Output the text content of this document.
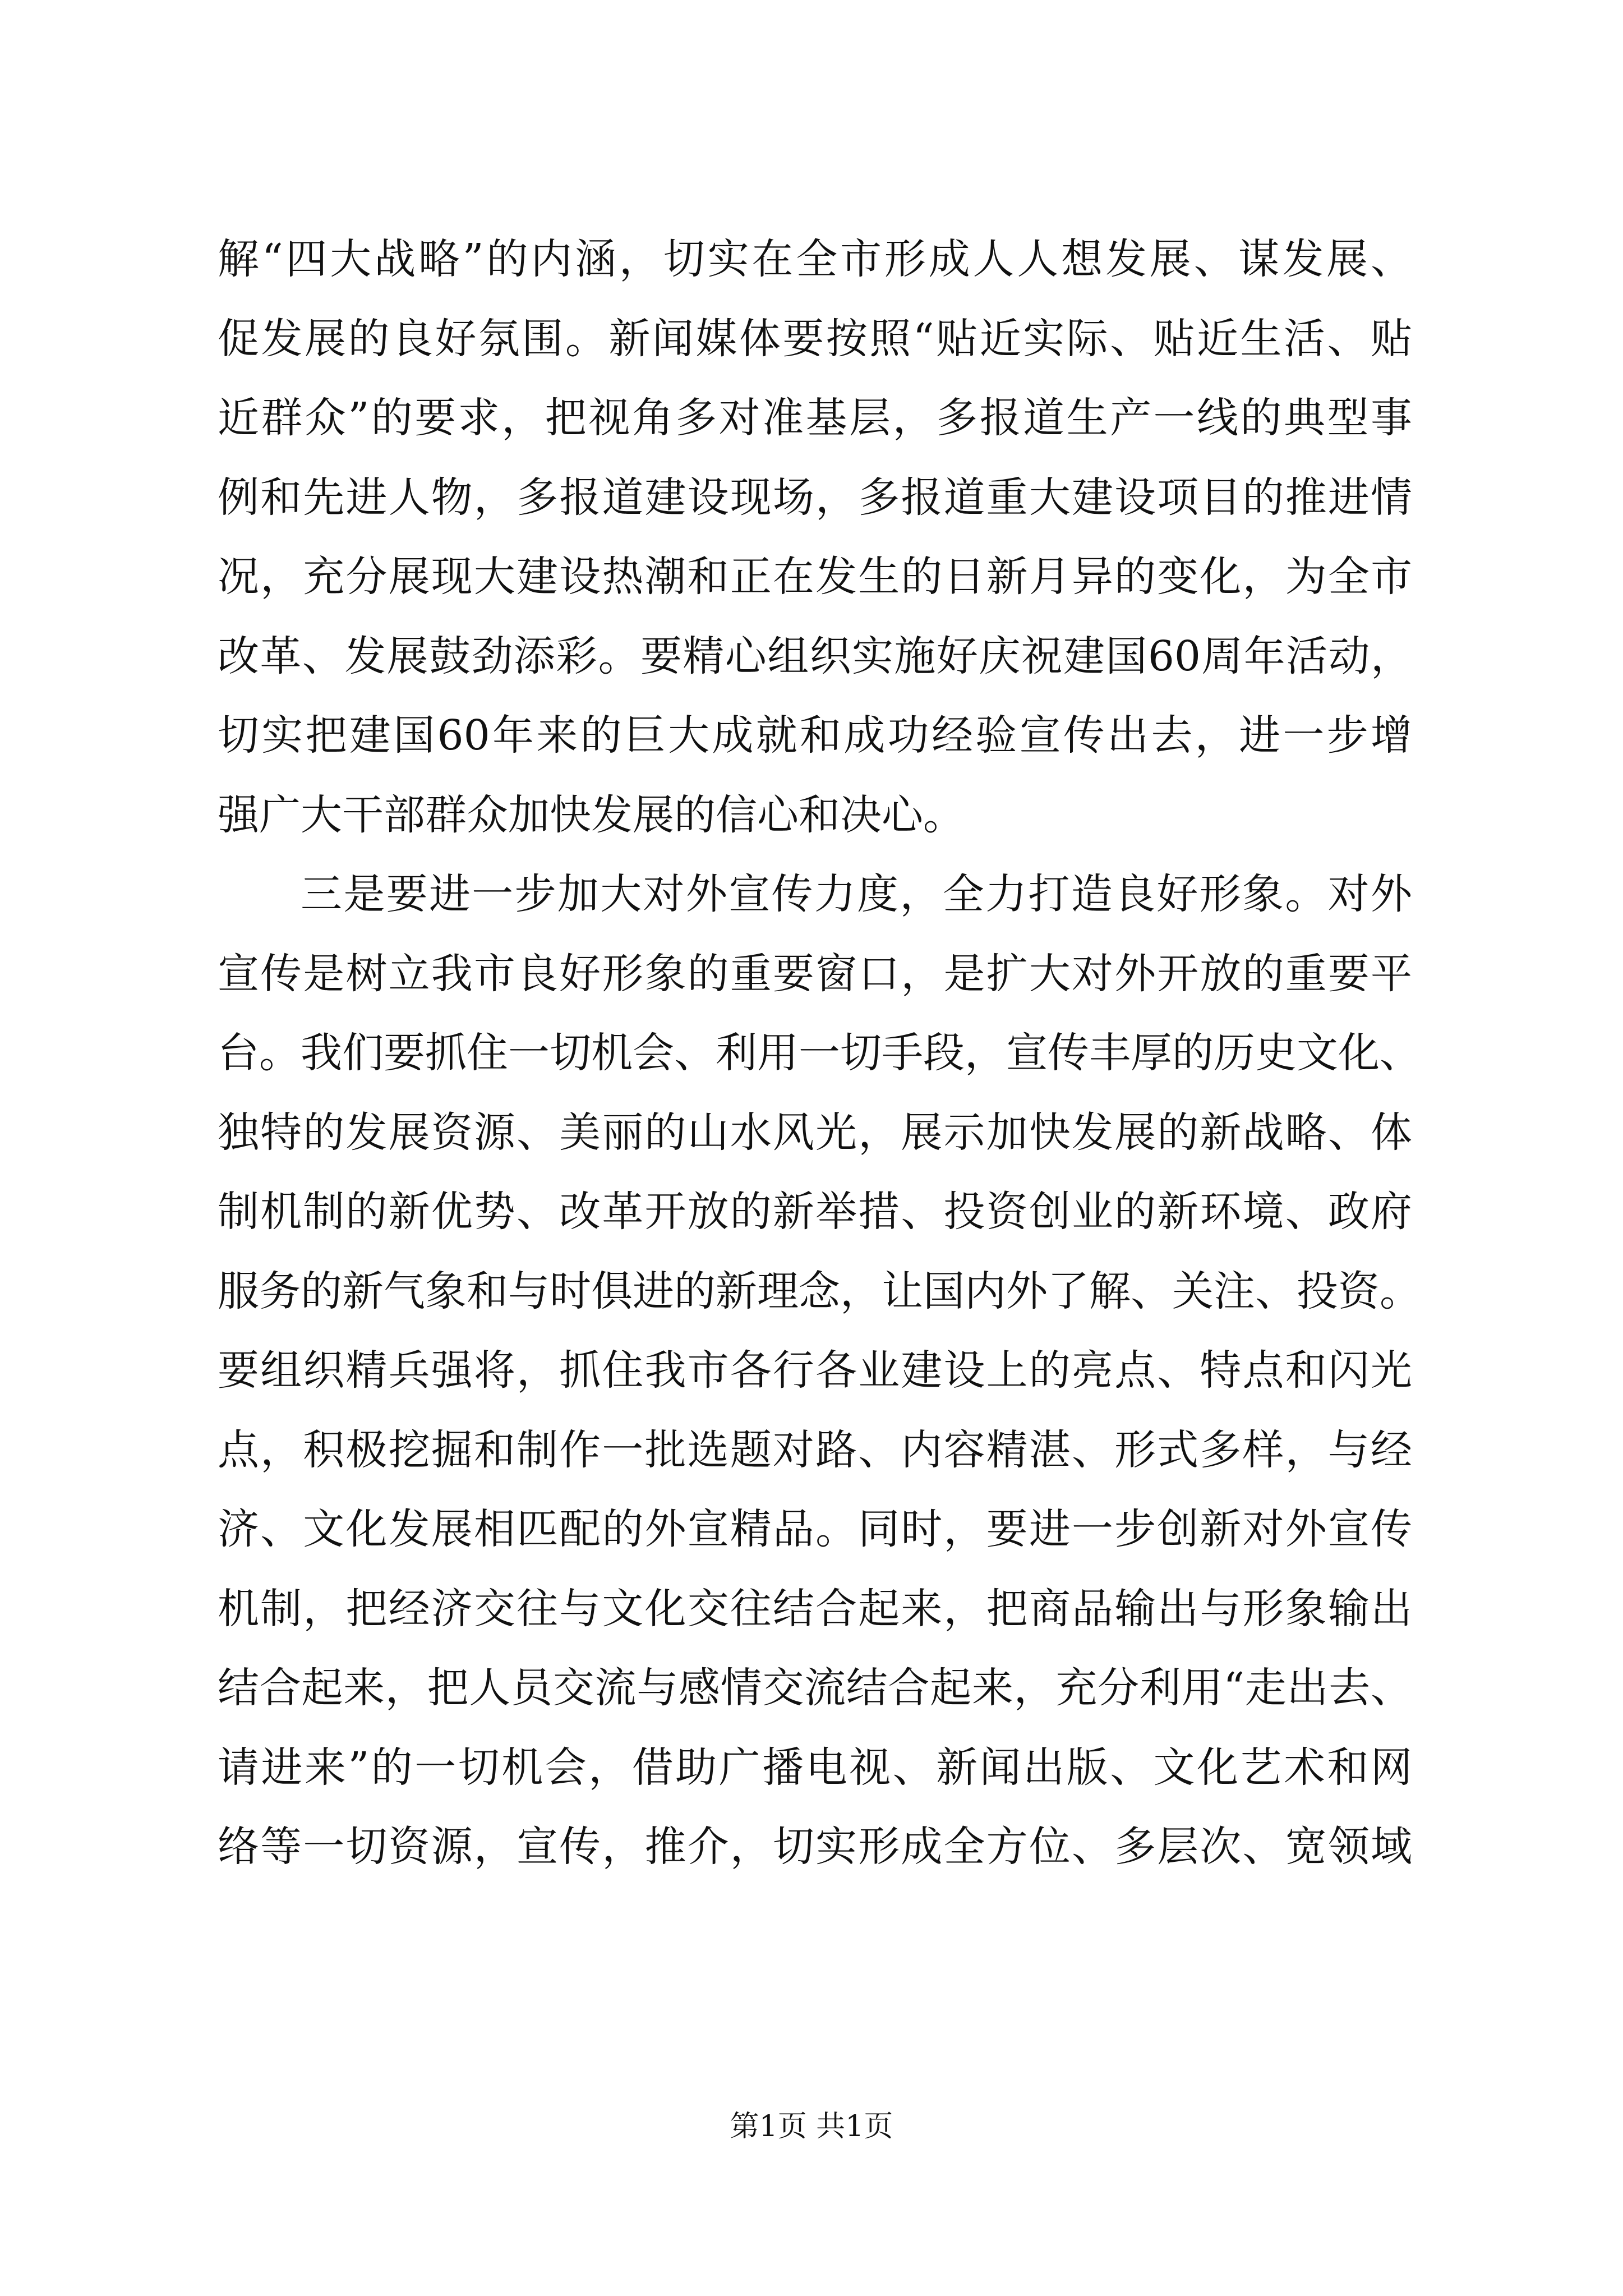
解“四大战略”的内涵，切实在全市形成人人想发展、谋发展、
促发展的良好氛围。新闻媒体要按照“贴近实际、贴近生活、贴
近群众”的要求，把视角多对准基层，多报道生产一线的典型事
例和先进人物，多报道建设现场，多报道重大建设项目的推进情
况，充分展现大建设热潮和正在发生的日新月异的变化，为全市
改革、发展鼓劲添彩。要精心组织实施好庆祝建国60周年活动，
切实把建国60年来的巨大成就和成功经验宣传出去，进一步增
强广大干部群众加快发展的信心和决心。
三是要进一步加大对外宣传力度，全力打造良好形象。对外
宣传是树立我市良好形象的重要窗口，是扩大对外开放的重要平
台。我们要抓住一切机会、利用一切手段，宣传丰厚的历史文化、
独特的发展资源、美丽的山水风光，展示加快发展的新战略、体
制机制的新优势、改革开放的新举措、投资创业的新环境、政府
服务的新气象和与时俱进的新理念，让国内外了解、关注、投资。
要组织精兵强将，抓住我市各行各业建设上的亮点、特点和闪光
点，积极挖掘和制作一批选题对路、内容精湛、形式多样，与经
济、文化发展相匹配的外宣精品。同时，要进一步创新对外宣传
机制，把经济交往与文化交往结合起来，把商品输出与形象输出
结合起来，把人员交流与感情交流结合起来，充分利用“走出去、
请进来”的一切机会，借助广播电视、新闻出版、文化艺术和网
络等一切资源，宣传，推介，切实形成全方位、多层次、宽领域
第1页 共1页
